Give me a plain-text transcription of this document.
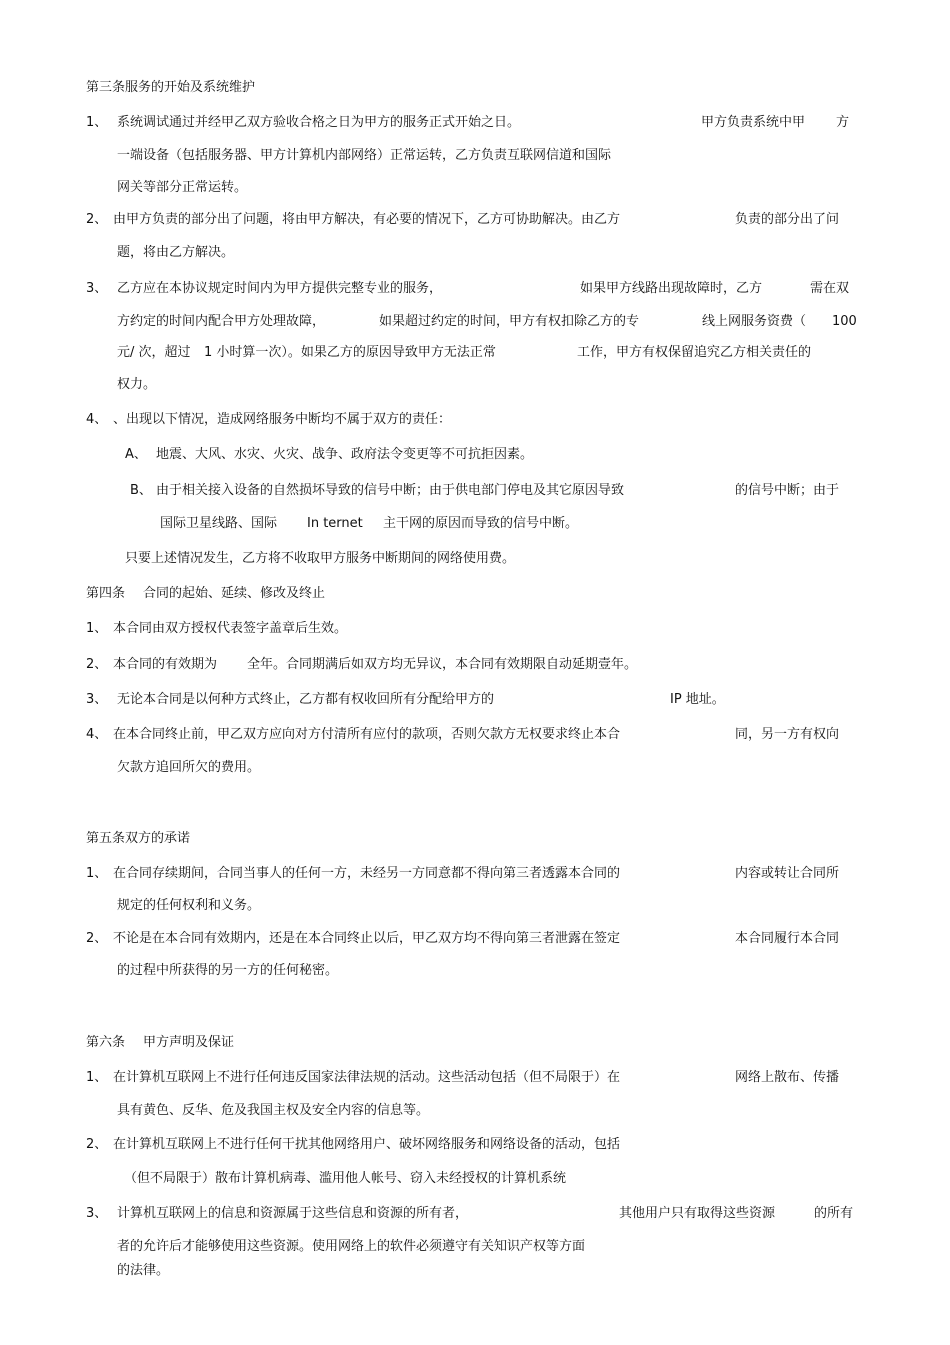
第三条服务的开始及系统维护
1、 系统调试通过并经甲乙双方验收合格之日为甲方的服务正式开始之日。	甲方负责系统中甲 方
一端设备（包括服务器、甲方计算机内部网络）正常运转，乙方负责互联网信道和国际
网关等部分正常运转。
2、 由甲方负责的部分出了问题，将由甲方解决，有必要的情况下，乙方可协助解决。由乙方	负责的部分出了问
题，将由乙方解决。
3、 乙方应在本协议规定时间内为甲方提供完整专业的服务，	如果甲方线路出现故障时，乙方	需在双
方约定的时间内配合甲方处理故障，	如果超过约定的时间，甲方有权扣除乙方的专	线上网服务资费（ 100
元/ 次，超过 1 小时算一次）。如果乙方的原因导致甲方无法正常	工作，甲方有权保留追究乙方相关责任的
权力。
4、 、出现以下情况，造成网络服务中断均不属于双方的责任：
A、 地震、大风、水灾、火灾、战争、政府法令变更等不可抗拒因素。
B、 由于相关接入设备的自然损坏导致的信号中断；由于供电部门停电及其它原因导致	的信号中断；由于
国际卫星线路、国际 In ternet 主干网的原因而导致的信号中断。
只要上述情况发生，乙方将不收取甲方服务中断期间的网络使用费。
第四条 合同的起始、延续、修改及终止
1、 本合同由双方授权代表签字盖章后生效。
2、 本合同的有效期为 全年。合同期满后如双方均无异议，本合同有效期限自动延期壹年。
3、 无论本合同是以何种方式终止，乙方都有权收回所有分配给甲方的	IP 地址。
4、 在本合同终止前，甲乙双方应向对方付清所有应付的款项，否则欠款方无权要求终止本合	同，另一方有权向
欠款方追回所欠的费用。
第五条双方的承诺
1、 在合同存续期间，合同当事人的任何一方，未经另一方同意都不得向第三者透露本合同的	内容或转让合同所
规定的任何权利和义务。
2、 不论是在本合同有效期内，还是在本合同终止以后，甲乙双方均不得向第三者泄露在签定	本合同履行本合同
的过程中所获得的另一方的任何秘密。
第六条 甲方声明及保证
1、 在计算机互联网上不进行任何违反国家法律法规的活动。这些活动包括（但不局限于）在	网络上散布、传播
具有黄色、反华、危及我国主权及安全内容的信息等。
2、 在计算机互联网上不进行任何干扰其他网络用户、破坏网络服务和网络设备的活动，包括
（但不局限于）散布计算机病毒、滥用他人帐号、窃入未经授权的计算机系统
3、 计算机互联网上的信息和资源属于这些信息和资源的所有者，	其他用户只有取得这些资源	的所有
者的允许后才能够使用这些资源。使用网络上的软件必须遵守有关知识产权等方面
的法律。
